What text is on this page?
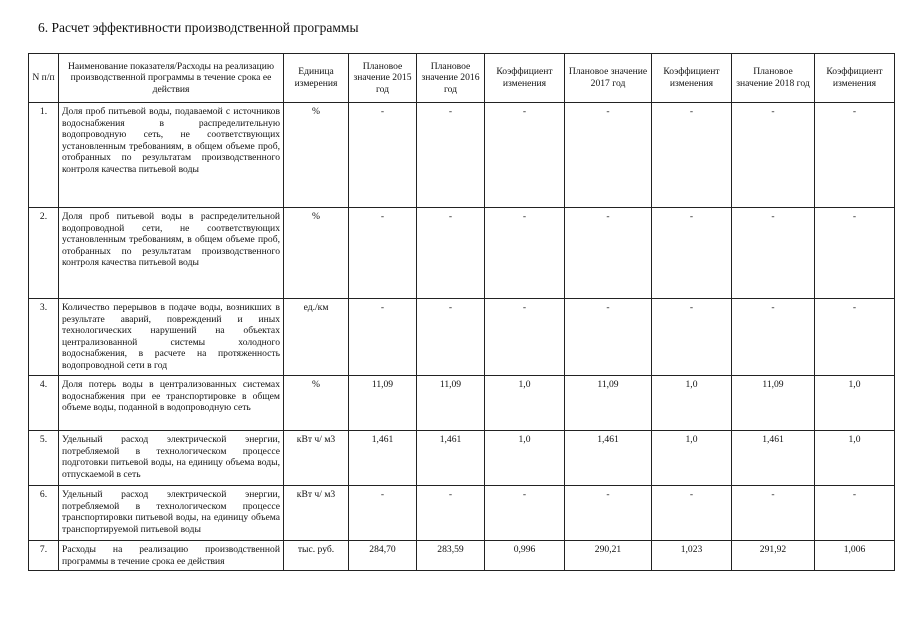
6. Расчет эффективности производственной программы
N п/п	Наименование показателя/Расходы на реализацию производственной программы в течение срока ее действия	Единица измерения	Плановое значение 2015 год	Плановое значение 2016 год	Коэффициент изменения	Плановое значение 2017 год	Коэффициент изменения	Плановое значение 2018 год	Коэффициент изменения
1.	Доля проб питьевой воды, подаваемой с источников водоснабжения в распределительную водопроводную сеть, не соответствующих установленным требованиям, в общем объеме проб, отобранных по результатам производственного контроля качества питьевой воды	%	-	-	-	-	-	-	-
2.	Доля проб питьевой воды в распределительной водопроводной сети, не соответствующих установленным требованиям, в общем объеме проб, отобранных по результатам производственного контроля качества питьевой воды	%	-	-	-	-	-	-	-
3.	Количество перерывов в подаче воды, возникших в результате аварий, повреждений и иных технологических нарушений на объектах централизованной системы холодного водоснабжения, в расчете на протяженность водопроводной сети в год	ед./км	-	-	-	-	-	-	-
4.	Доля потерь воды в централизованных системах водоснабжения при ее транспортировке в общем объеме воды, поданной в водопроводную сеть	%	11,09	11,09	1,0	11,09	1,0	11,09	1,0
5.	Удельный расход электрической энергии, потребляемой в технологическом процессе подготовки питьевой воды, на единицу объема воды, отпускаемой в сеть	кВт ч/ м3	1,461	1,461	1,0	1,461	1,0	1,461	1,0
6.	Удельный расход электрической энергии, потребляемой в технологическом процессе транспортировки питьевой воды, на единицу объема транспортируемой питьевой воды	кВт ч/ м3	-	-	-	-	-	-	-
7.	Расходы на реализацию производственной программы в течение срока ее действия	тыс. руб.	284,70	283,59	0,996	290,21	1,023	291,92	1,006
